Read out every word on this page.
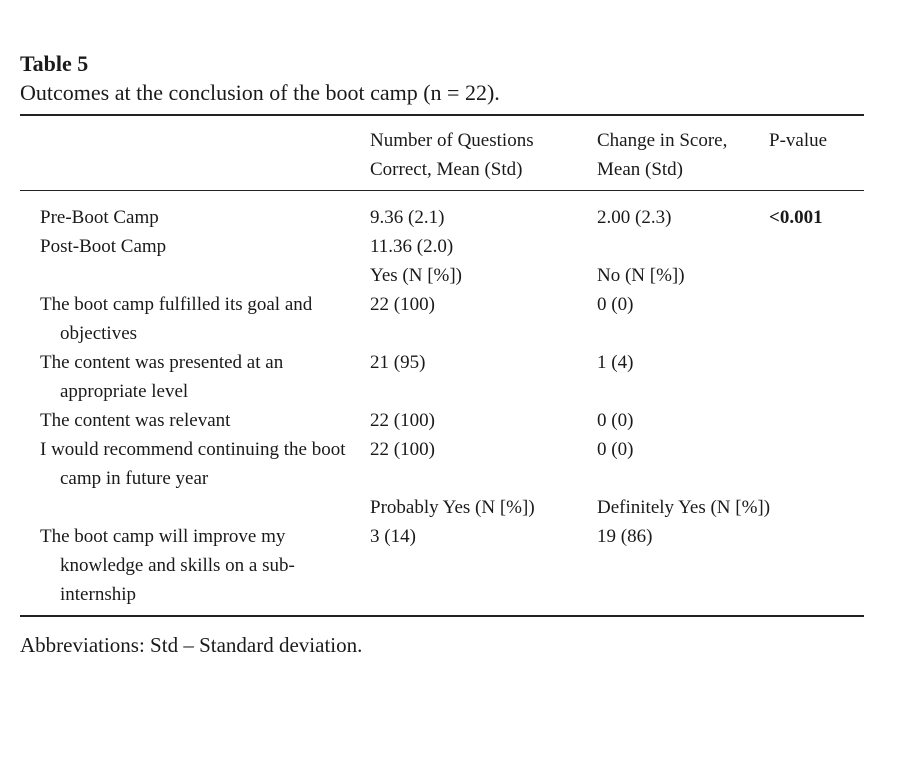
Table 5
Outcomes at the conclusion of the boot camp (n = 22).
	Number of Questions Correct, Mean (Std)	Change in Score, Mean (Std)	P-value

Pre-Boot Camp	9.36 (2.1)	2.00 (2.3)	<0.001

Post-Boot Camp	11.36 (2.0)		

	Yes (N [%])	No (N [%])	

The boot camp fulfilled its goal and objectives	22 (100)	0 (0)	

The content was presented at an appropriate level	21 (95)	1 (4)	

The content was relevant	22 (100)	0 (0)	

I would recommend continuing the boot camp in future year	22 (100)	0 (0)	

	Probably Yes (N [%])	Definitely Yes (N [%])	

The boot camp will improve my knowledge and skills on a sub-internship	3 (14)	19 (86)	
Abbreviations: Std – Standard deviation.
